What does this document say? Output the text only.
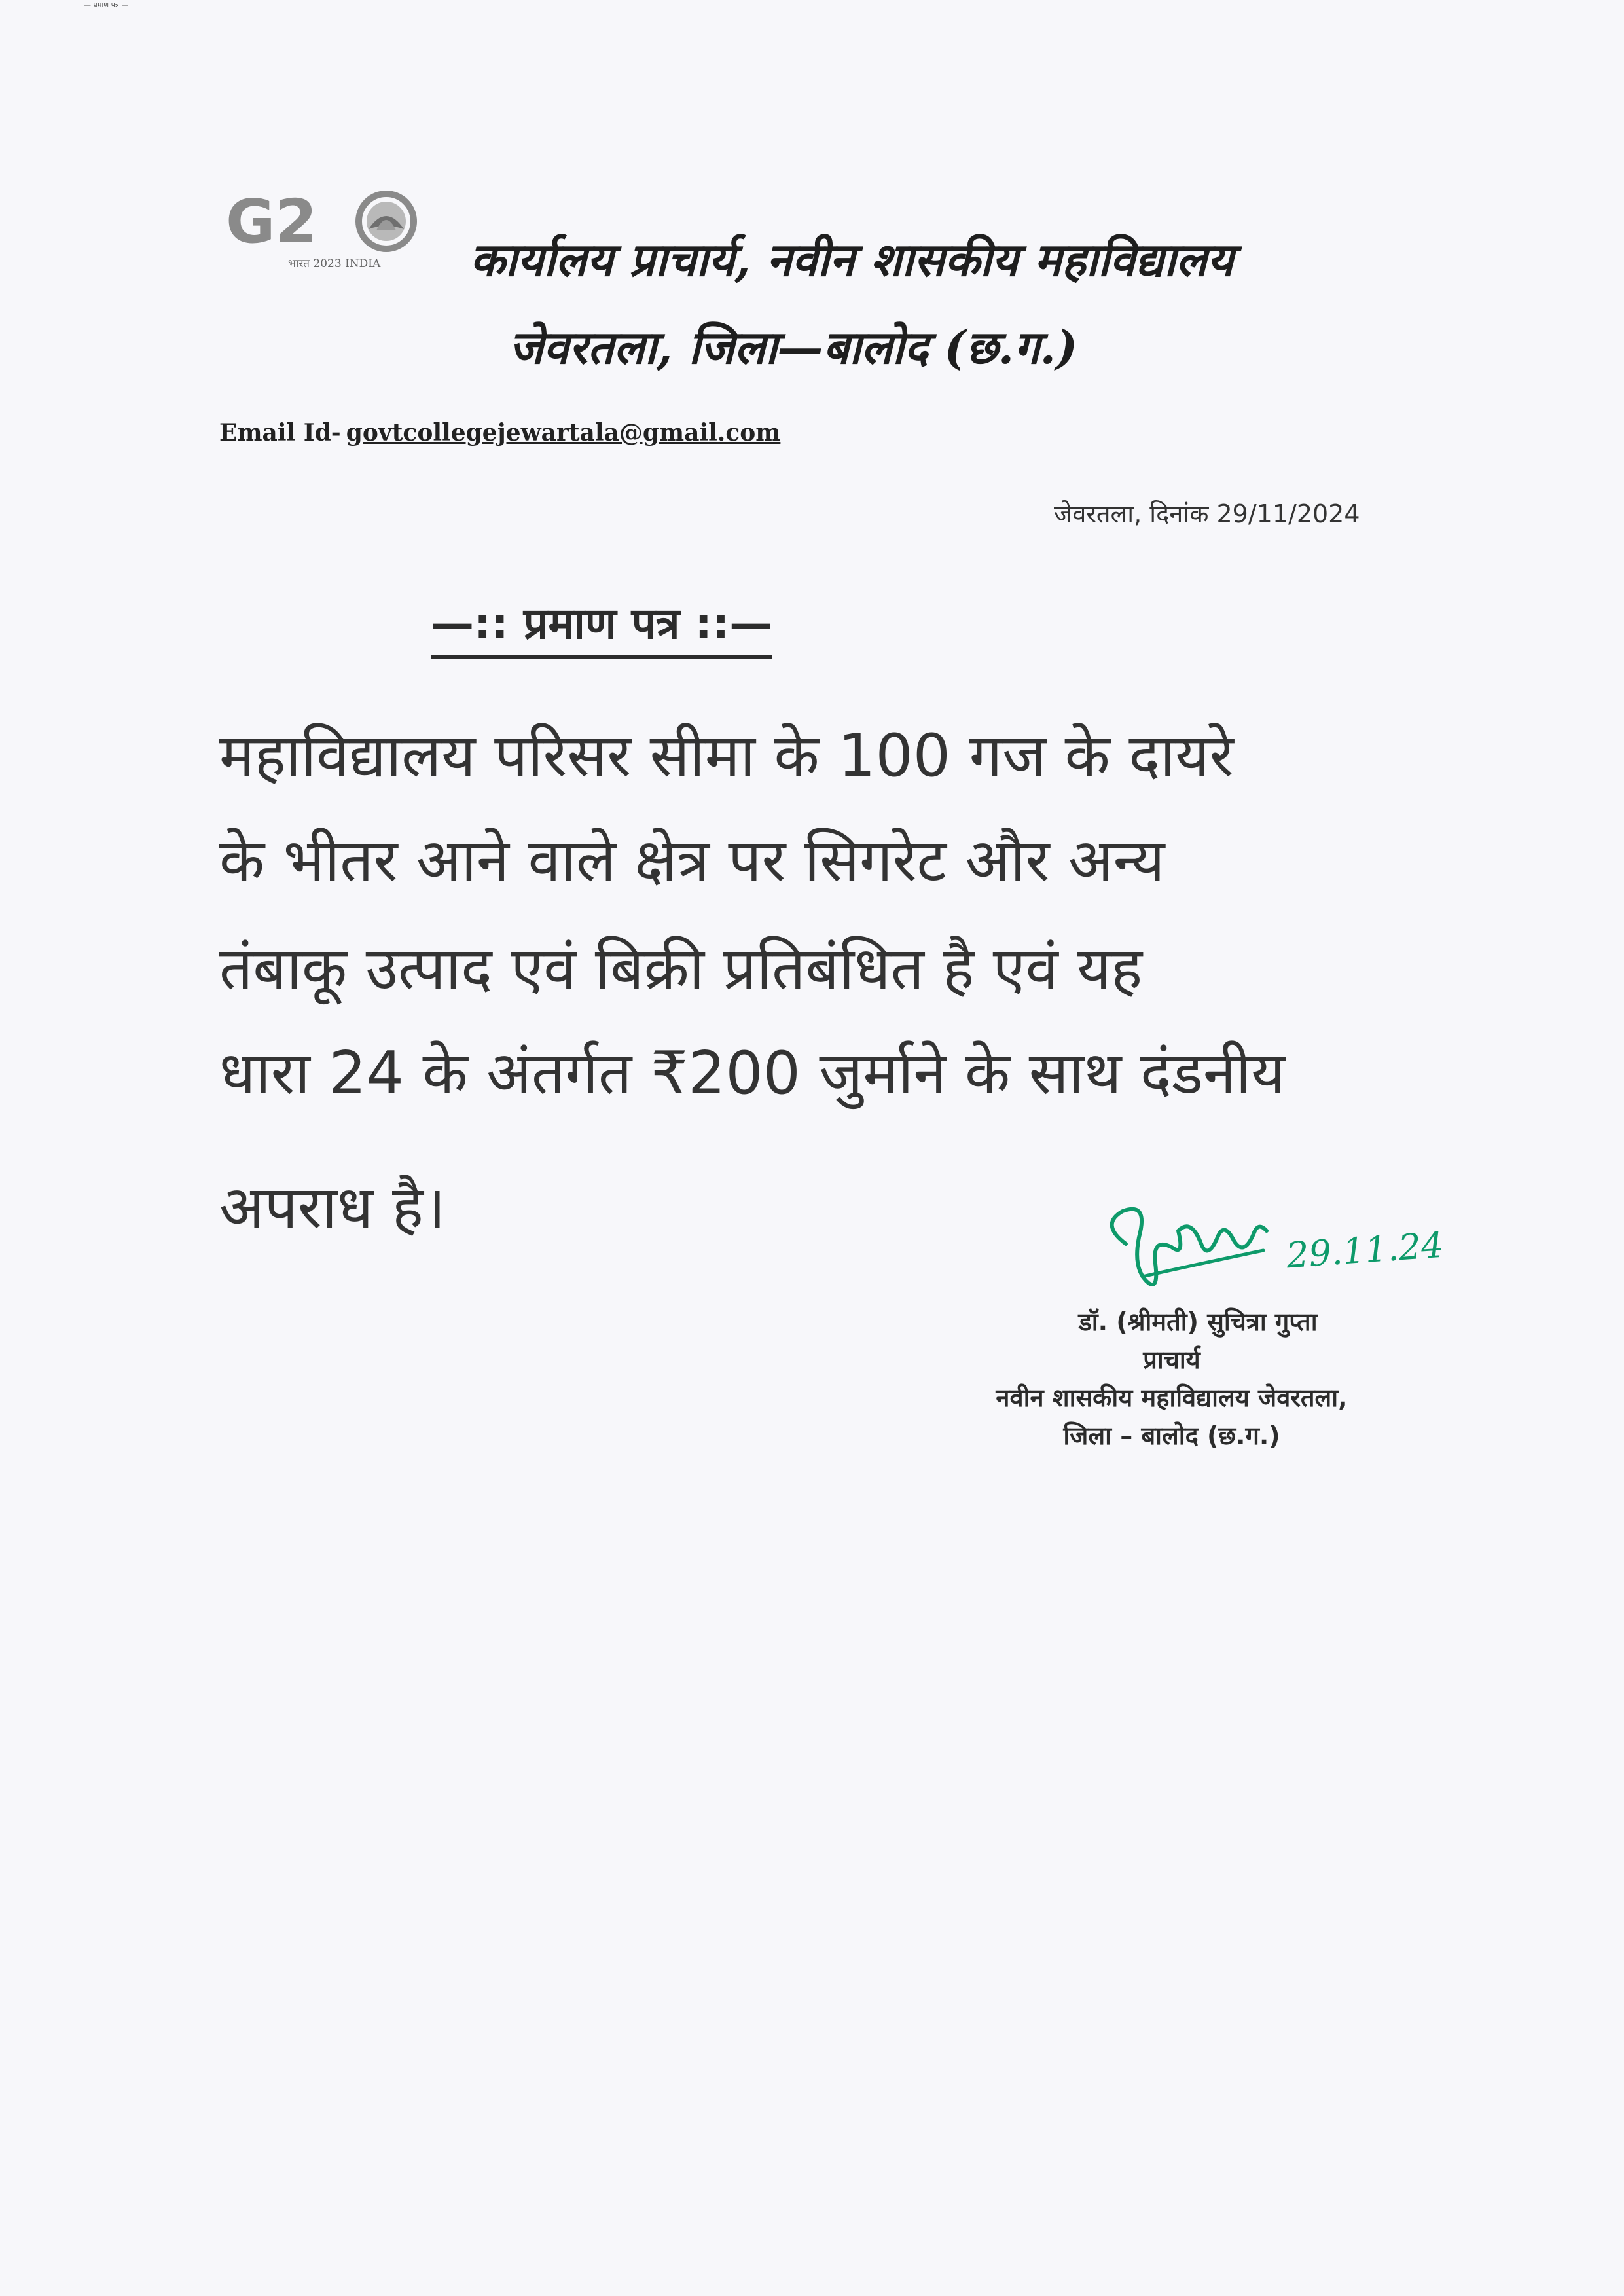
— प्रमाण पत्र —
G2
भारत 2023 INDIA कार्यालय प्राचार्य, नवीन शासकीय महाविद्यालय
जेवरतला, जिला—बालोद (छ.ग.)
Email Id- govtcollegejewartala@gmail.com
जेवरतला, दिनांक 29/11/2024
—:: प्रमाण पत्र ::—
महाविद्यालय परिसर सीमा के 100 गज के दायरे
के भीतर आने वाले क्षेत्र पर सिगरेट और अन्य
तंबाकू उत्पाद एवं बिक्री प्रतिबंधित है एवं यह
धारा 24 के अंतर्गत ₹200 जुर्माने के साथ दंडनीय
अपराध है।
29.11.24
डॉ. (श्रीमती) सुचित्रा गुप्ता
प्राचार्य
नवीन शासकीय महाविद्यालय जेवरतला,
जिला – बालोद (छ.ग.)
